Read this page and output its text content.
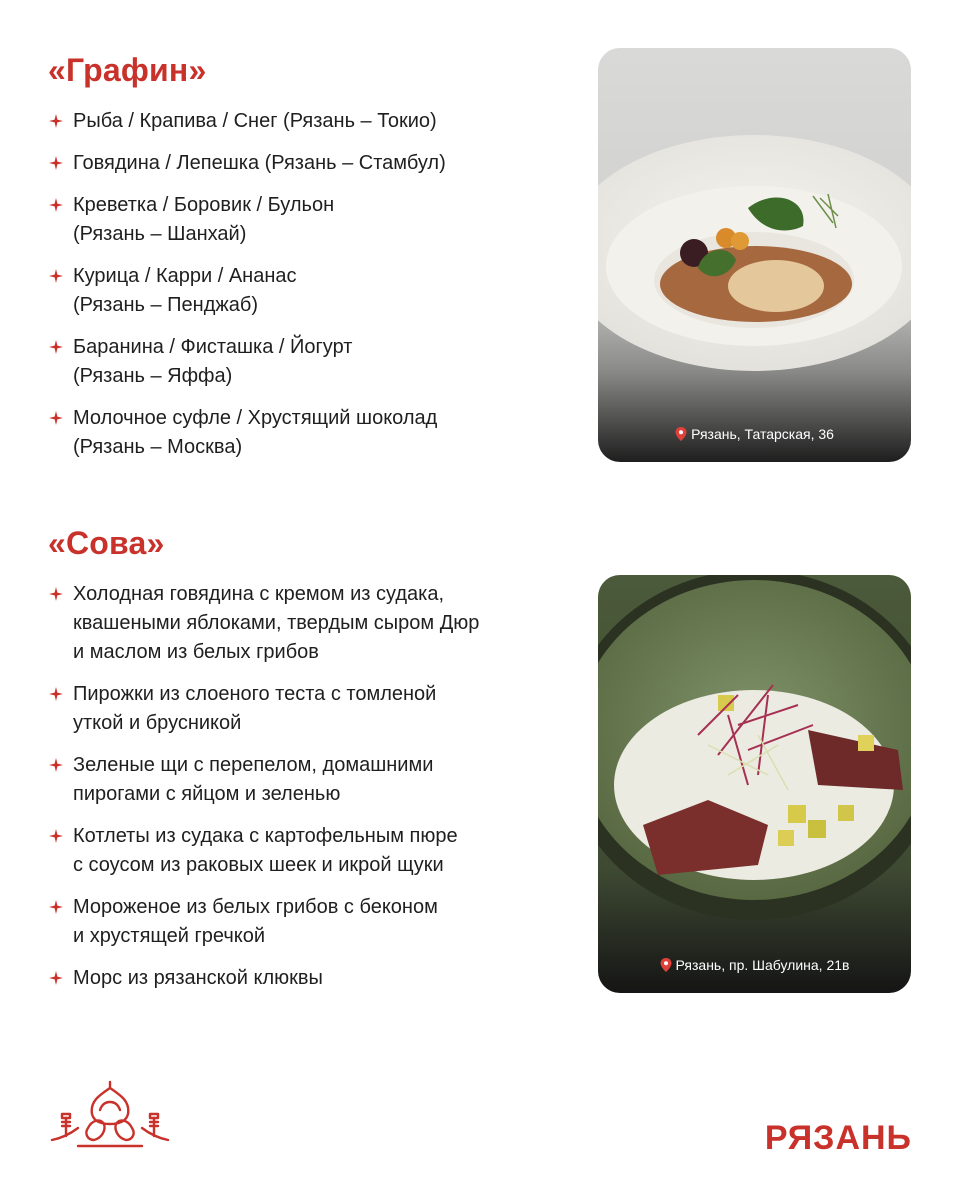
«Графин»
Рыба / Крапива / Снег (Рязань – Токио)
Говядина / Лепешка (Рязань – Стамбул)
Креветка / Боровик / Бульон
(Рязань – Шанхай)
Курица / Карри / Ананас
(Рязань – Пенджаб)
Баранина / Фисташка / Йогурт
(Рязань – Яффа)
Молочное суфле / Хрустящий шоколад
(Рязань – Москва)
Рязань, Татарская, 36
«Сова»
Холодная говядина с кремом из судака,
квашеными яблоками, твердым сыром Дюр
и маслом из белых грибов
Пирожки из слоеного теста с томленой
уткой и брусникой
Зеленые щи с перепелом, домашними
пирогами с яйцом и зеленью
Котлеты из судака с картофельным пюре
с соусом из раковых шеек и икрой щуки
Мороженое из белых грибов с беконом
и хрустящей гречкой
Морс из рязанской клюквы
Рязань, пр. Шабулина, 21в
РЯЗАНЬ
